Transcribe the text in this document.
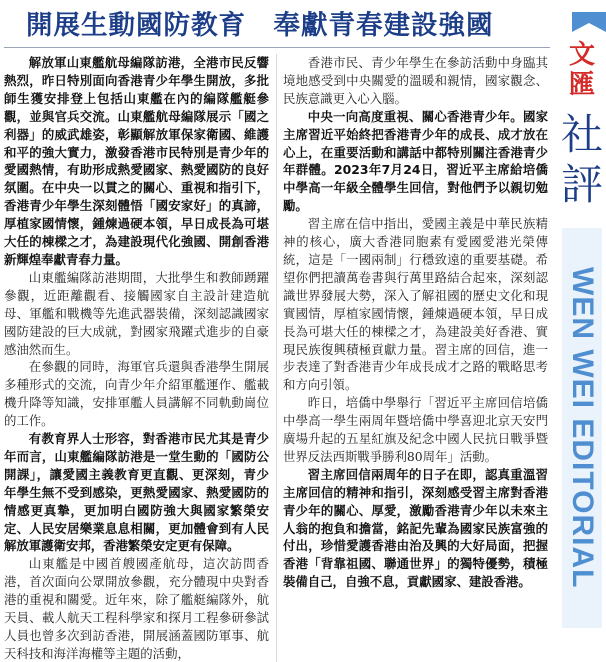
開展生動國防教育　奉獻青春建設強國

解放軍山東艦航母編隊訪港，全港市民反響熱烈，昨日特別面向香港青少年學生開放，多批師生獲安排登上包括山東艦在內的編隊艦艇參觀，並與官兵交流。山東艦航母編隊展示「國之利器」的威武雄姿，彰顯解放軍保家衛國、維護和平的強大實力，激發香港市民特別是青少年的愛國熱情，有助形成熱愛國家、熱愛國防的良好氛圍。在中央一以貫之的關心、重視和指引下，香港青少年學生深刻體悟「國安家好」的真諦，厚植家國情懷，鍾煉過硬本領，早日成長為可堪大任的棟樑之才，為建設現代化強國、開創香港新輝煌奉獻青春力量。

山東艦編隊訪港期間，大批學生和教師踴躍參觀，近距離觀看、接觸國家自主設計建造航母、軍艦和戰機等先進武器裝備，深刻認識國家國防建設的巨大成就，對國家飛躍式進步的自豪感油然而生。

在參觀的同時，海軍官兵還與香港學生開展多種形式的交流，向青少年介紹軍艦運作、艦載機升降等知識，安排軍艦人員講解不同軌動崗位的工作。

有教育界人士形容，對香港市民尤其是青少年而言，山東艦編隊訪港是一堂生動的「國防公開課」，讓愛國主義教育更直觀、更深刻，青少年學生無不受到感染，更熱愛國家、熱愛國防的情感更真摯，更加明白國防強大與國家繁榮安定、人民安居樂業息息相關，更加體會到有人民解放軍護衛安邦，香港繁榮安定更有保障。

山東艦是中國首艘國產航母，這次訪問香港，首次面向公眾開放參觀，充分體現中央對香港的重視和關愛。近年來，除了艦艇編隊外，航天員、載人航天工程科學家和探月工程參研參試人員也曾多次到訪香港，開展涵蓋國防軍事、航天科技和海洋海權等主題的活動，

香港市民、青少年學生在參訪活動中身臨其境地感受到中央關愛的溫暖和親情，國家觀念、民族意識更入心入腦。

中央一向高度重視、關心香港青少年。國家主席習近平始終把香港青少年的成長、成才放在心上，在重要活動和講話中都特別關注香港青少年群體。2023年7月24日，習近平主席給培僑中學高一年級全體學生回信，對他們予以親切勉勵。

習主席在信中指出，愛國主義是中華民族精神的核心，廣大香港同胞素有愛國愛港光榮傳統，這是「一國兩制」行穩致遠的重要基礎。希望你們把讀萬卷書與行萬里路結合起來，深刻認識世界發展大勢，深入了解祖國的歷史文化和現實國情，厚植家國情懷，鍾煉過硬本領，早日成長為可堪大任的棟樑之才，為建設美好香港、實現民族復興積極貢獻力量。習主席的回信，進一步表達了對香港青少年成長成才之路的戰略思考和方向引領。

昨日，培僑中學舉行「習近平主席回信培僑中學高一學生兩周年暨培僑中學喜迎北京天安門廣場升起的五星紅旗及紀念中國人民抗日戰爭暨世界反法西斯戰爭勝利80周年」活動。

習主席回信兩周年的日子在即，認真重溫習主席回信的精神和指引，深刻感受習主席對香港青少年的關心、厚愛，激勵香港青少年以未來主人翁的抱負和擔當，銘記先輩為國家民族富強的付出，珍惜愛護香港由治及興的大好局面，把握香港「背靠祖國、聯通世界」的獨特優勢，積極裝備自己，自強不息，貢獻國家、建設香港。

文
匯
社
評
WEN WEI EDITORIAL
